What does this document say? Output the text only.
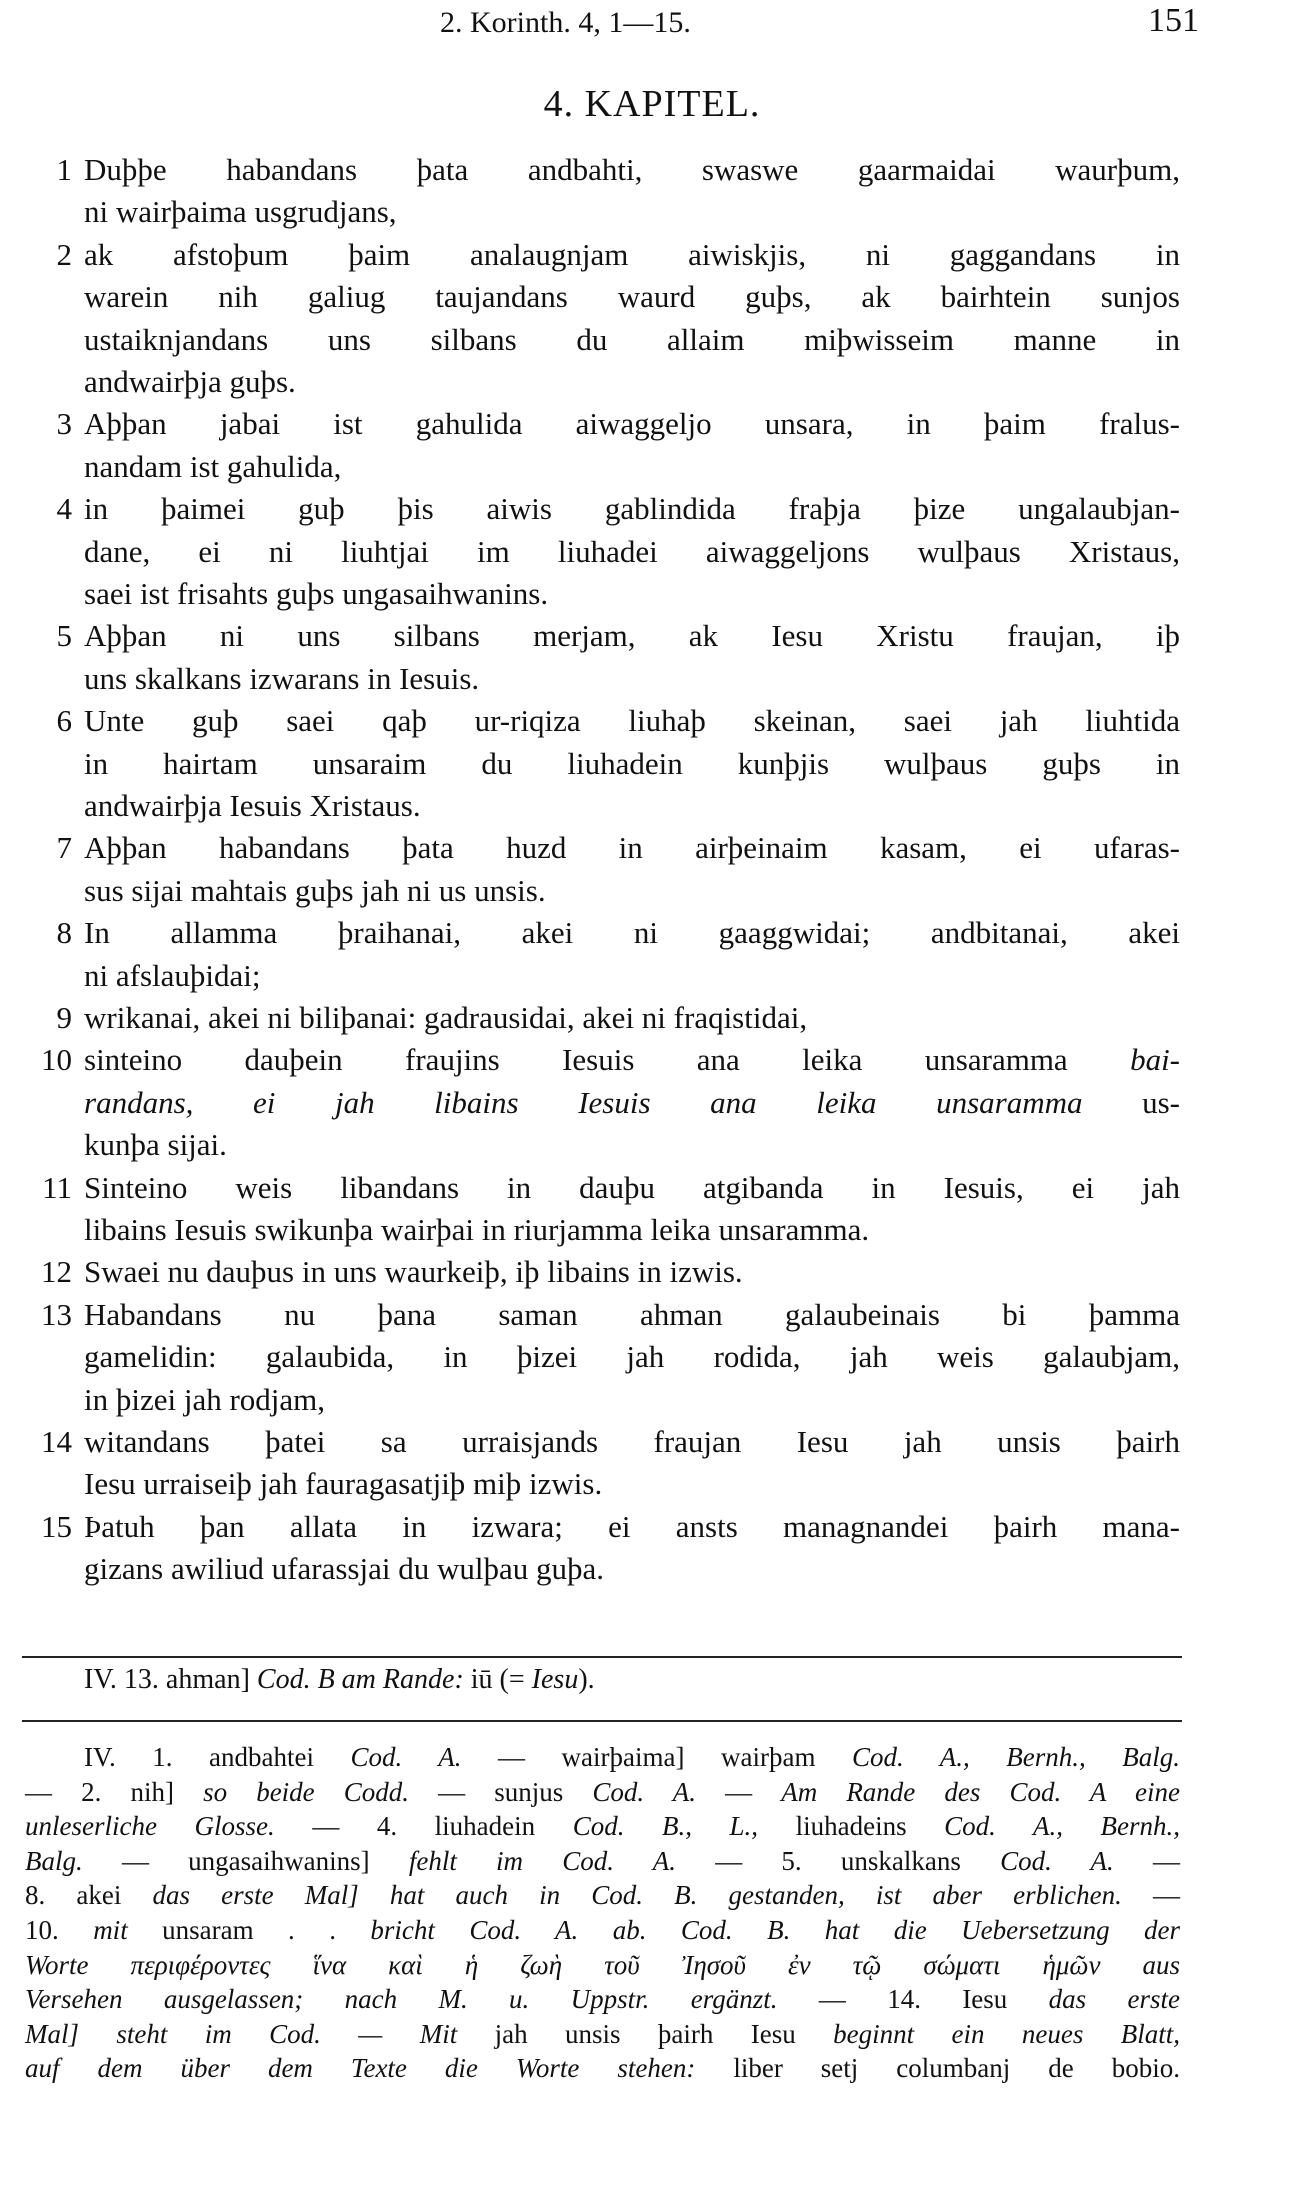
2. Korinth. 4, 1—15.	151
4. KAPITEL.
1 Duþþe habandans þata andbahti, swaswe gaarmaidai waurþum,
ni wairþaima usgrudjans,
2 ak afstoþum þaim analaugnjam aiwiskjis, ni gaggandans in
warein nih galiug taujandans waurd guþs, ak bairhtein sunjos
ustaiknjandans uns silbans du allaim miþwisseim manne in
andwairþja guþs.
3 Aþþan jabai ist gahulida aiwaggeljo unsara, in þaim fralus-
nandam ist gahulida,
4 in þaimei guþ þis aiwis gablindida fraþja þize ungalaubjan-
dane, ei ni liuhtjai im liuhadei aiwaggeljons wulþaus Xristaus,
saei ist frisahts guþs ungasaihwanins.
5 Aþþan ni uns silbans merjam, ak Iesu Xristu fraujan, iþ
uns skalkans izwarans in Iesuis.
6 Unte guþ saei qaþ ur-riqiza liuhaþ skeinan, saei jah liuhtida
in hairtam unsaraim du liuhadein kunþjis wulþaus guþs in
andwairþja Iesuis Xristaus.
7 Aþþan habandans þata huzd in airþeinaim kasam, ei ufaras-
sus sijai mahtais guþs jah ni us unsis.
8 In allamma þraihanai, akei ni gaaggwidai; andbitanai, akei
ni afslauþidai;
9 wrikanai, akei ni biliþanai: gadrausidai, akei ni fraqistidai,
10 sinteino dauþein fraujins Iesuis ana leika unsaramma bai-
randans, ei jah libains Iesuis ana leika unsaramma us-
kunþa sijai.
11 Sinteino weis libandans in dauþu atgibanda in Iesuis, ei jah
libains Iesuis swikunþa wairþai in riurjamma leika unsaramma.
12 Swaei nu dauþus in uns waurkeiþ, iþ libains in izwis.
13 Habandans nu þana saman ahman galaubeinais bi þamma
gamelidin: galaubida, in þizei jah rodida, jah weis galaubjam,
in þizei jah rodjam,
14 witandans þatei sa urraisjands fraujan Iesu jah unsis þairh
Iesu urraiseiþ jah fauragasatjiþ miþ izwis.
15 Þatuh þan allata in izwara; ei ansts managnandei þairh mana-
gizans awiliud ufarassjai du wulþau guþa.
IV. 13. ahman] Cod. B am Rande: iū (= Iesu).
IV. 1. andbahtei Cod. A. — wairþaima] wairþam Cod. A., Bernh., Balg.
— 2. nih] so beide Codd. — sunjus Cod. A. — Am Rande des Cod. A eine
unleserliche Glosse. — 4. liuhadein Cod. B., L., liuhadeins Cod. A., Bernh.,
Balg. — ungasaihwanins] fehlt im Cod. A. — 5. unskalkans Cod. A. —
8. akei das erste Mal] hat auch in Cod. B. gestanden, ist aber erblichen. —
10. mit unsaram . . bricht Cod. A. ab. Cod. B. hat die Uebersetzung der
Worte περιφέροντες ἵνα καὶ ἡ ζωὴ τοῦ Ἰησοῦ ἐν τῷ σώματι ἡμῶν aus
Versehen ausgelassen; nach M. u. Uppstr. ergänzt. — 14. Iesu das erste
Mal] steht im Cod. — Mit jah unsis þairh Iesu beginnt ein neues Blatt,
auf dem über dem Texte die Worte stehen: liber setj columbanj de bobio.
